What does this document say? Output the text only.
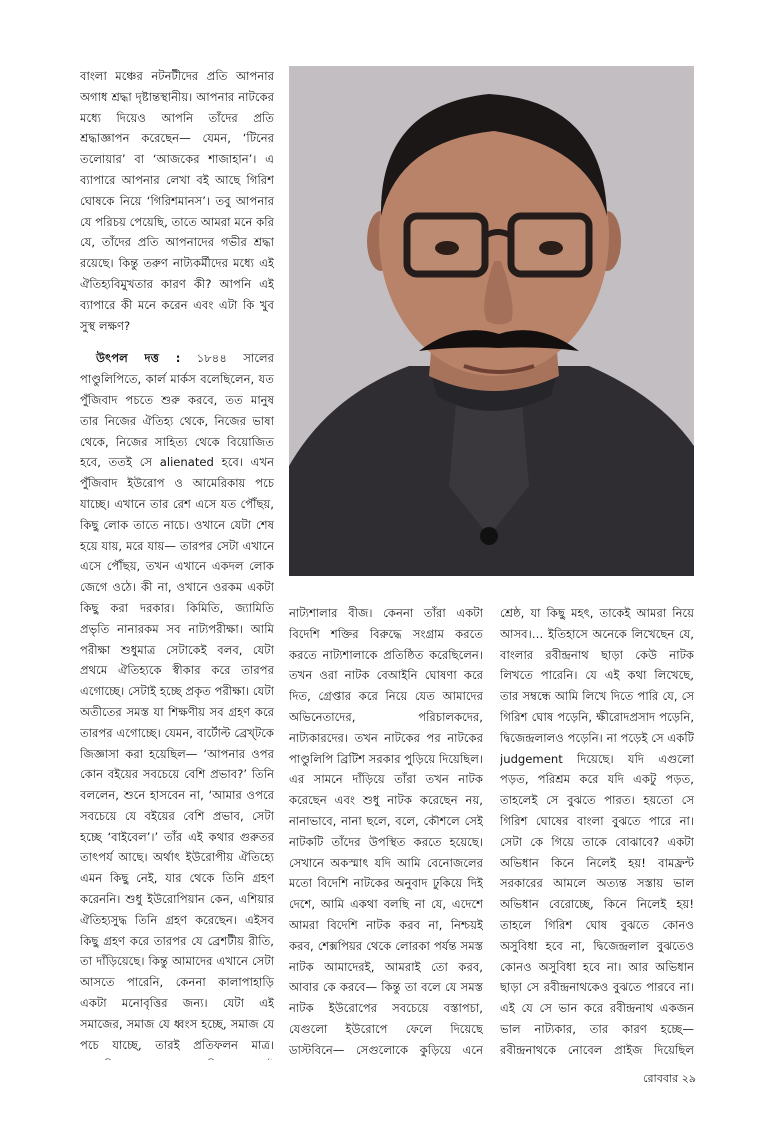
বাংলা মঞ্চের নটনটীদের প্রতি আপনার অগাধ শ্রদ্ধা দৃষ্টান্তস্থানীয়। আপনার নাটকের মধ্যে দিয়েও আপনি তাঁদের প্রতি শ্রদ্ধাজ্ঞাপন করেছেন— যেমন, ‘টিনের তলোয়ার’ বা ‘আজকের শাজাহান’। এ ব্যাপারে আপনার লেখা বই আছে গিরিশ ঘোষকে নিয়ে ‘গিরিশমানস’। তবু আপনার যে পরিচয় পেয়েছি, তাতে আমরা মনে করি যে, তাঁদের প্রতি আপনাদের গভীর শ্রদ্ধা রয়েছে। কিন্তু তরুণ নাট্যকর্মীদের মধ্যে এই ঐতিহ্যবিমুখতার কারণ কী? আপনি এই ব্যাপারে কী মনে করেন এবং এটা কি খুব সুস্থ লক্ষণ?

উৎপল দত্ত : ১৮৪৪ সালের পাণ্ডুলিপিতে, কার্ল মার্কস বলেছিলেন, যত পুঁজিবাদ পচতে শুরু করবে, তত মানুষ তার নিজের ঐতিহ্য থেকে, নিজের ভাষা থেকে, নিজের সাহিত্য থেকে বিয়োজিত হবে, ততই সে alienated হবে। এখন পুঁজিবাদ ইউরোপ ও আমেরিকায় পচে যাচ্ছে। এখানে তার রেশ এসে যত পৌঁছয়, কিছু লোক তাতে নাচে। ওখানে যেটা শেষ হয়ে যায়, মরে যায়— তারপর সেটা এখানে এসে পৌঁছয়, তখন এখানে একদল লোক জেগে ওঠে। কী না, ওখানে ওরকম একটা কিছু করা দরকার। কিমিতি, জ্যামিতি প্রভৃতি নানারকম সব নাট্যপরীক্ষা। আমি পরীক্ষা শুধুমাত্র সেটাকেই বলব, যেটা প্রথমে ঐতিহ্যকে স্বীকার করে তারপর এগোচ্ছে। সেটাই হচ্ছে প্রকৃত পরীক্ষা। যেটা অতীতের সমস্ত যা শিক্ষণীয় সব গ্রহণ করে তারপর এগোচ্ছে। যেমন, বার্টোল্ট ব্রেখ্‌টকে জিজ্ঞাসা করা হয়েছিল— ‘আপনার ওপর কোন বইয়ের সবচেয়ে বেশি প্রভাব?’ তিনি বললেন, শুনে হাসবেন না, ‘আমার ওপরে সবচেয়ে যে বইয়ের বেশি প্রভাব, সেটা হচ্ছে ‘বাইবেল’।’ তাঁর এই কথার গুরুতর তাৎপর্য আছে। অর্থাৎ ইউরোপীয় ঐতিহ্যে এমন কিছু নেই, যার থেকে তিনি গ্রহণ করেননি। শুধু ইউরোপিয়ান কেন, এশিয়ার ঐতিহ্যসুদ্ধ তিনি গ্রহণ করেছেন। এইসব কিছু গ্রহণ করে তারপর যে ব্রেশটীয় রীতি, তা দাঁড়িয়েছে। কিন্তু আমাদের এখানে সেটা আসতে পারেনি, কেননা কালাপাহাড়ি একটা মনোবৃত্তির জন্য। যেটা এই সমাজের, সমাজ যে ধ্বংস হচ্ছে, সমাজ যে পচে যাচ্ছে, তারই প্রতিফলন মাত্র।

নাট্যশালার বীজ। কেননা তাঁরা একটা বিদেশি শক্তির বিরুদ্ধে সংগ্রাম করতে করতে নাট্যশালাকে প্রতিষ্ঠিত করেছিলেন। তখন ওরা নাটক বেআইনি ঘোষণা করে দিত, গ্রেপ্তার করে নিয়ে যেত আমাদের অভিনেতাদের, পরিচালকদের, নাট্যকারদের। তখন নাটকের পর নাটকের পাণ্ডুলিপি ব্রিটিশ সরকার পুড়িয়ে দিয়েছিল। এর সামনে দাঁড়িয়ে তাঁরা তখন নাটক করেছেন এবং শুধু নাটক করেছেন নয়, নানাভাবে, নানা ছলে, বলে, কৌশলে সেই নাটকটি তাঁদের উপস্থিত করতে হয়েছে। সেখানে অকস্মাৎ যদি আমি বেনোজলের মতো বিদেশি নাটকের অনুবাদ ঢুকিয়ে দিই দেশে, আমি একথা বলছি না যে, এদেশে আমরা বিদেশি নাটক করব না, নিশ্চয়ই করব, শেক্সপিয়র থেকে লোরকা পর্যন্ত সমস্ত নাটক আমাদেরই, আমরাই তো করব, আবার কে করবে— কিন্তু তা বলে যে সমস্ত নাটক ইউরোপের সবচেয়ে বস্তাপচা, যেগুলো ইউরোপে ফেলে দিয়েছে ডাস্টবিনে— সেগুলোকে কুড়িয়ে এনে

শ্রেষ্ঠ, যা কিছু মহৎ, তাকেই আমরা নিয়ে আসব।… ইতিহাসে অনেকে লিখেছেন যে, বাংলার রবীন্দ্রনাথ ছাড়া কেউ নাটক লিখতে পারেনি। যে এই কথা লিখেছে, তার সম্বন্ধে আমি লিখে দিতে পারি যে, সে গিরিশ ঘোষ পড়েনি, ক্ষীরোদপ্রসাদ পড়েনি, দ্বিজেন্দ্রলালও পড়েনি। না পড়েই সে একটি judgement দিয়েছে। যদি এগুলো পড়ত, পরিশ্রম করে যদি একটু পড়ত, তাহলেই সে বুঝতে পারত। হয়তো সে গিরিশ ঘোষের বাংলা বুঝতে পারে না। সেটা কে গিয়ে তাকে বোঝাবে? একটা অভিধান কিনে নিলেই হয়! বামফ্রন্ট সরকারের আমলে অত্যন্ত সস্তায় ভাল অভিধান বেরোচ্ছে, কিনে নিলেই হয়! তাহলে গিরিশ ঘোষ বুঝতে কোনও অসুবিধা হবে না, দ্বিজেন্দ্রলাল বুঝতেও কোনও অসুবিধা হবে না। আর অভিধান ছাড়া সে রবীন্দ্রনাথকেও বুঝতে পারবে না। এই যে সে ভান করে রবীন্দ্রনাথ একজন ভাল নাট্যকার, তার কারণ হচ্ছে— রবীন্দ্রনাথকে নোবেল প্রাইজ দিয়েছিল

রোববার ২৯
